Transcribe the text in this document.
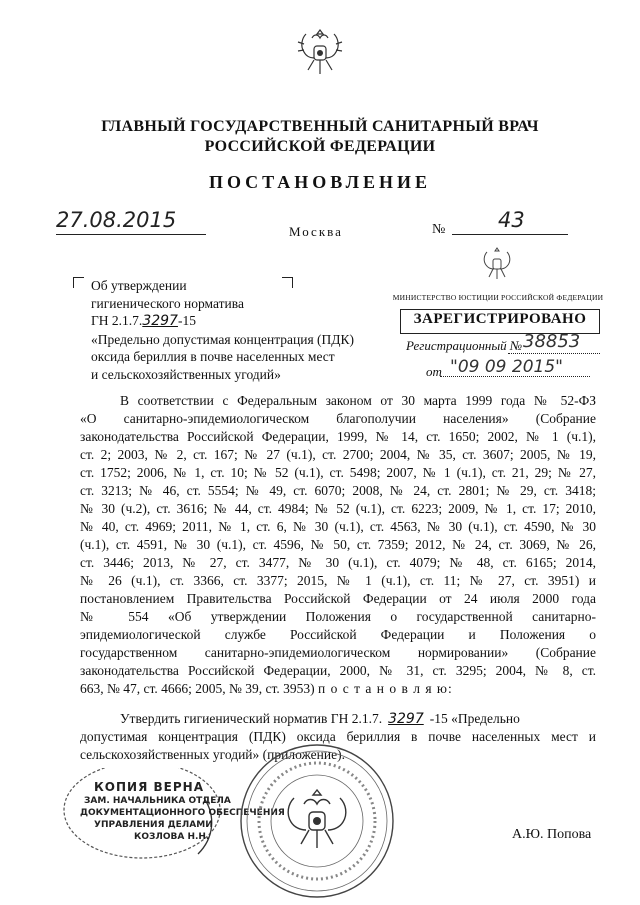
ГЛАВНЫЙ ГОСУДАРСТВЕННЫЙ САНИТАРНЫЙ ВРАЧ
РОССИЙСКОЙ ФЕДЕРАЦИИ
ПОСТАНОВЛЕНИЕ
27.08.2015	Москва	№	43
Об утверждении
гигиенического норматива
ГН 2.1.7.3297-15
«Предельно допустимая концентрация (ПДК)
оксида бериллия в почве населенных мест
и сельскохозяйственных угодий»
МИНИСТЕРСТВО ЮСТИЦИИ РОССИЙСКОЙ ФЕДЕРАЦИИ
ЗАРЕГИСТРИРОВАНО
Регистрационный № 38853
от "09 09 2015"
В соответствии с Федеральным законом от 30 марта 1999 года № 52-ФЗ
«О санитарно-эпидемиологическом благополучии населения» (Собрание
законодательства Российской Федерации, 1999, № 14, ст. 1650; 2002, № 1 (ч.1),
ст. 2; 2003, № 2, ст. 167; № 27 (ч.1), ст. 2700; 2004, № 35, ст. 3607; 2005, № 19,
ст. 1752; 2006, № 1, ст. 10; № 52 (ч.1), ст. 5498; 2007, № 1 (ч.1), ст. 21, 29; № 27,
ст. 3213; № 46, ст. 5554; № 49, ст. 6070; 2008, № 24, ст. 2801; № 29, ст. 3418;
№ 30 (ч.2), ст. 3616; № 44, ст. 4984; № 52 (ч.1), ст. 6223; 2009, № 1, ст. 17; 2010,
№ 40, ст. 4969; 2011, № 1, ст. 6, № 30 (ч.1), ст. 4563, № 30 (ч.1), ст. 4590, № 30
(ч.1), ст. 4591, № 30 (ч.1), ст. 4596, № 50, ст. 7359; 2012, № 24, ст. 3069, № 26,
ст. 3446; 2013, № 27, ст. 3477, № 30 (ч.1), ст. 4079; № 48, ст. 6165; 2014,
№ 26 (ч.1), ст. 3366, ст. 3377; 2015, № 1 (ч.1), ст. 11; № 27, ст. 3951) и
постановлением Правительства Российской Федерации от 24 июля 2000 года
№ 554 «Об утверждении Положения о государственной санитарно-
эпидемиологической службе Российской Федерации и Положения о
государственном санитарно-эпидемиологическом нормировании» (Собрание
законодательства Российской Федерации, 2000, № 31, ст. 3295; 2004, № 8, ст.
663, № 47, ст. 4666; 2005, № 39, ст. 3953) п о с т а н о в л я ю:
Утвердить гигиенический норматив ГН 2.1.7. 3297 -15 «Предельно
допустимая концентрация (ПДК) оксида бериллия в почве населенных мест и
сельскохозяйственных угодий» (приложение).
КОПИЯ ВЕРНА
ЗАМ. НАЧАЛЬНИКА ОТДЕЛА
ДОКУМЕНТАЦИОННОГО ОБЕСПЕЧЕНИЯ
УПРАВЛЕНИЯ ДЕЛАМИ
КОЗЛОВА Н.Н.	А.Ю. Попова
